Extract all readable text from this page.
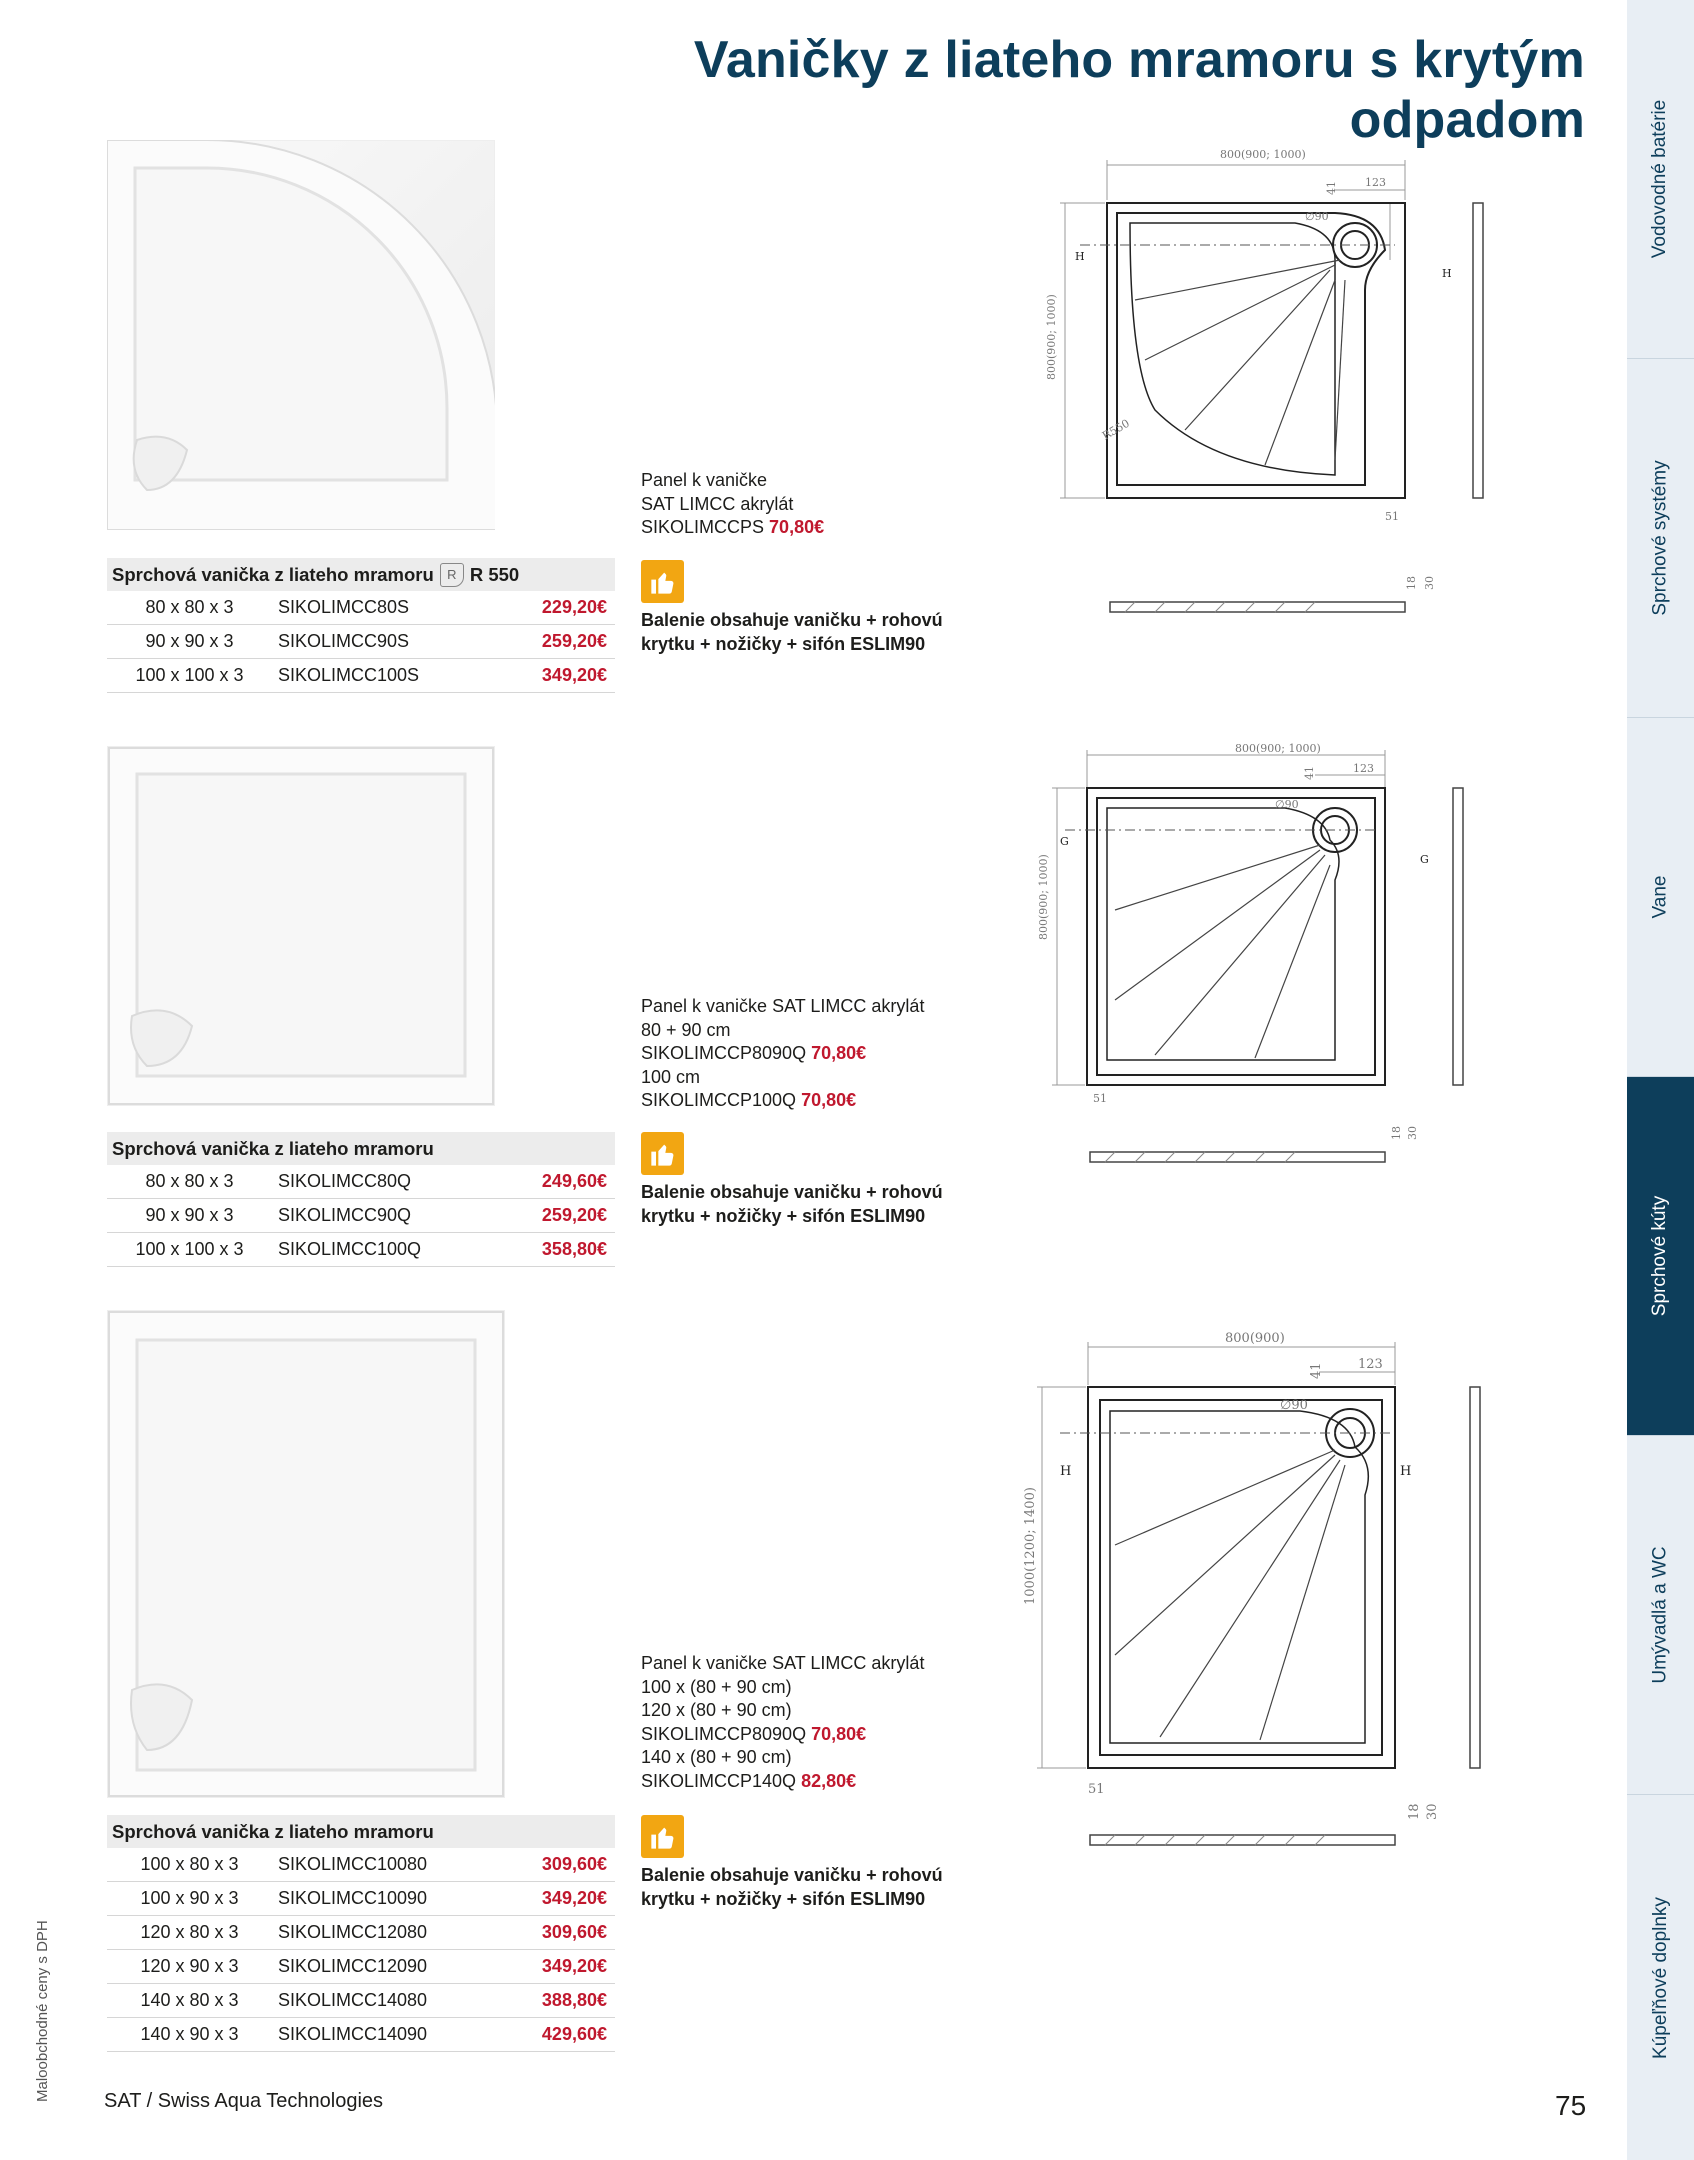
Vaničky z liateho mramoru s krytým odpadom
Sprchová vanička z liateho mramoru	R R 550
80 x 80 x 3	SIKOLIMCC80S	229,20€
90 x 90 x 3	SIKOLIMCC90S	259,20€
100 x 100 x 3	SIKOLIMCC100S	349,20€
Panel k vaničke
SAT LIMCC akrylát
SIKOLIMCCPS 70,80€
Balenie obsahuje vaničku + rohovú
krytku + nožičky + sifón ESLIM90
800(900; 1000)
800(900; 1000)
123
41
∅90
R550
51
18 30
H
H
Sprchová vanička z liateho mramoru
80 x 80 x 3	SIKOLIMCC80Q	249,60€
90 x 90 x 3	SIKOLIMCC90Q	259,20€
100 x 100 x 3	SIKOLIMCC100Q	358,80€
Panel k vaničke SAT LIMCC akrylát
80 + 90 cm
SIKOLIMCCP8090Q 70,80€
100 cm
SIKOLIMCCP100Q 70,80€
Balenie obsahuje vaničku + rohovú
krytku + nožičky + sifón ESLIM90
800(900; 1000)
800(900; 1000)
123
41
∅90
51
18 30
G
G
Sprchová vanička z liateho mramoru
100 x 80 x 3	SIKOLIMCC10080	309,60€
100 x 90 x 3	SIKOLIMCC10090	349,20€
120 x 80 x 3	SIKOLIMCC12080	309,60€
120 x 90 x 3	SIKOLIMCC12090	349,20€
140 x 80 x 3	SIKOLIMCC14080	388,80€
140 x 90 x 3	SIKOLIMCC14090	429,60€
Panel k vaničke SAT LIMCC akrylát
100 x (80 + 90 cm)
120 x (80 + 90 cm)
SIKOLIMCCP8090Q 70,80€
140 x (80 + 90 cm)
SIKOLIMCCP140Q 82,80€
Balenie obsahuje vaničku + rohovú
krytku + nožičky + sifón ESLIM90
800(900)
1000(1200; 1400)
123
41
∅90
51
18 30
H	H
Vodovodné batérie
Sprchové systémy
Vane
Sprchové kúty
Umývadlá a WC
Kúpeľňové doplnky
Maloobchodné ceny s DPH	SAT / Swiss Aqua Technologies	75
